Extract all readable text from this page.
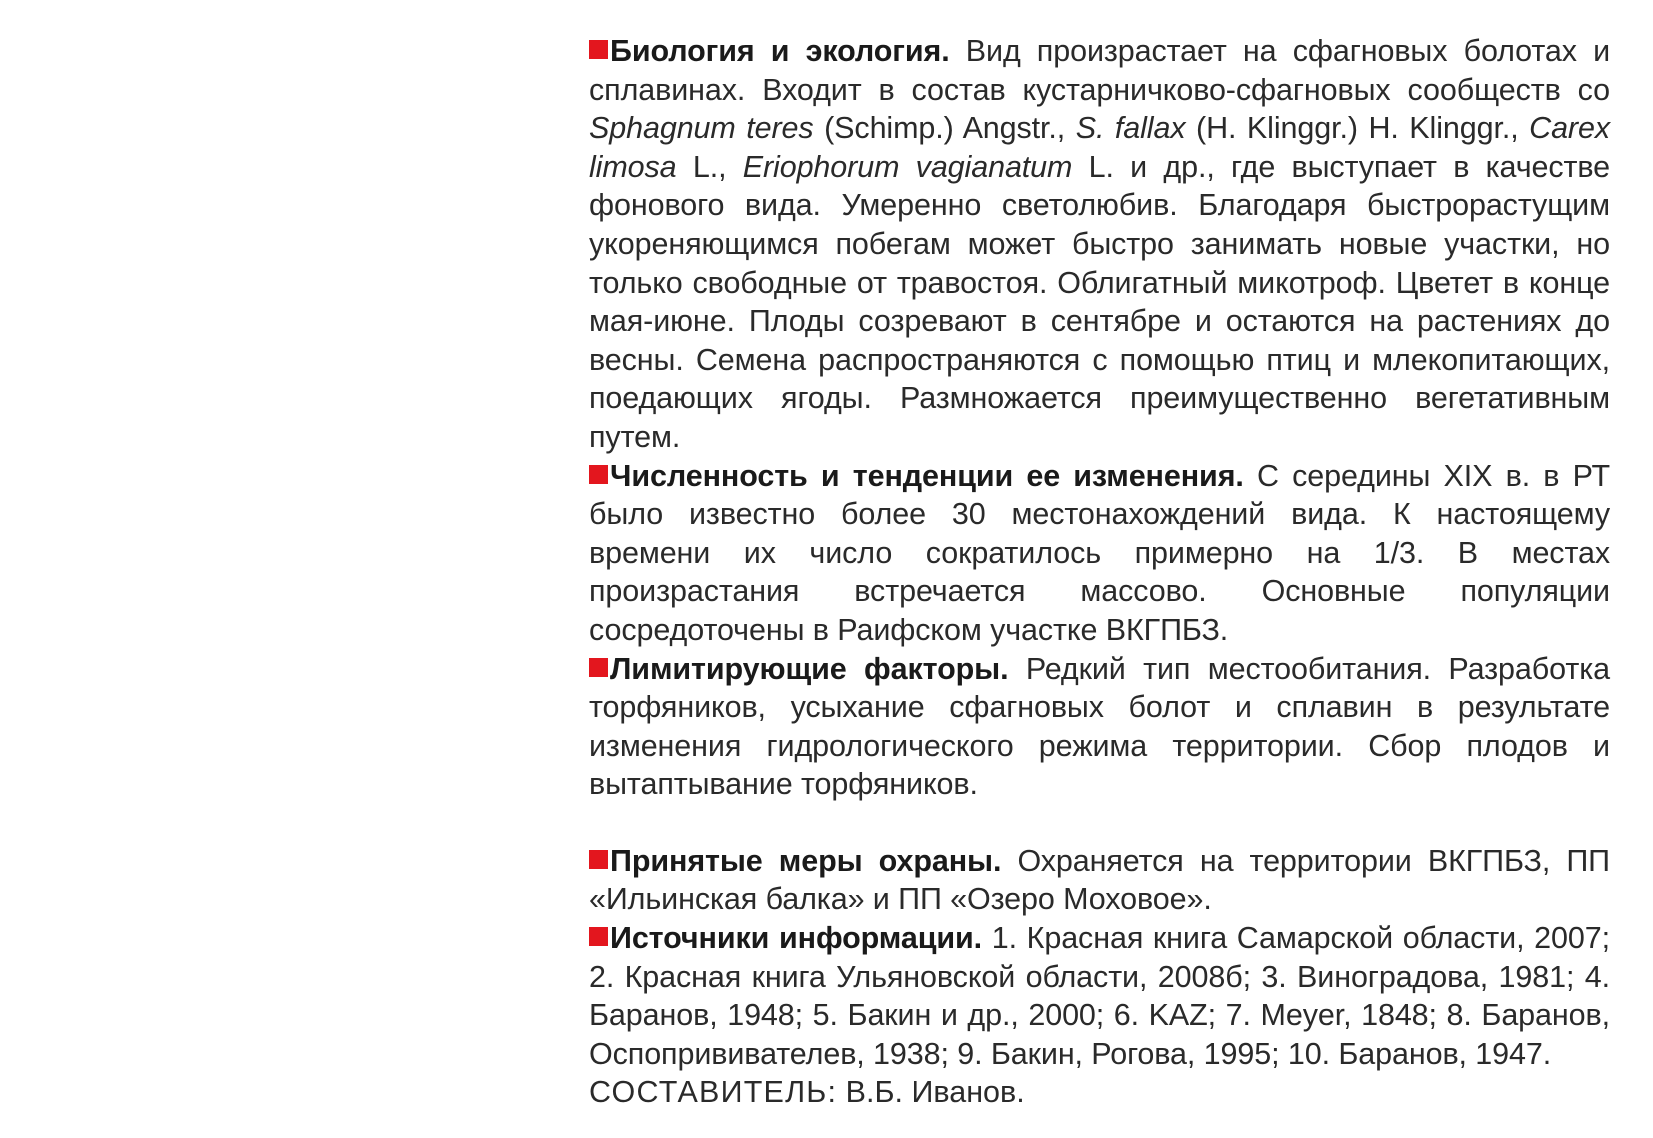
Биология и экология. Вид произрастает на сфагновых болотах и сплавинах. Входит в состав кустарничково-сфагновых сообществ со Sphagnum teres (Schimp.) Angstr., S. fallax (H. Klinggr.) H. Klinggr., Carex limosa L., Eriophorum vagianatum L. и др., где выступает в качестве фонового вида. Умеренно светолюбив. Благодаря быстрорастущим укореняющимся побегам может быстро занимать новые участки, но только свободные от травостоя. Облигатный микотроф. Цветет в конце мая-июне. Плоды созревают в сентябре и остаются на растениях до весны. Семена распространяются с помощью птиц и млекопитающих, поедающих ягоды. Размножается преимущественно вегетативным путем.

Численность и тенденции ее изменения. С середины XIX в. в РТ было известно более 30 местонахождений вида. К настоящему времени их число сократилось примерно на 1/3. В местах произрастания встречается массово. Основные популяции сосредоточены в Раифском участке ВКГПБЗ.

Лимитирующие факторы. Редкий тип местообитания. Разработка торфяников, усыхание сфагновых болот и сплавин в результате изменения гидрологического режима территории. Сбор плодов и вытаптывание торфяников.

Принятые меры охраны. Охраняется на территории ВКГПБЗ, ПП «Ильинская балка» и ПП «Озеро Моховое».

Источники информации. 1. Красная книга Самарской области, 2007; 2. Красная книга Ульяновской области, 2008б; 3. Виноградова, 1981; 4. Баранов, 1948; 5. Бакин и др., 2000; 6. KAZ; 7. Meyer, 1848; 8. Баранов, Оспопрививателев, 1938; 9. Бакин, Рогова, 1995; 10. Баранов, 1947.

СОСТАВИТЕЛЬ: В.Б. Иванов.
